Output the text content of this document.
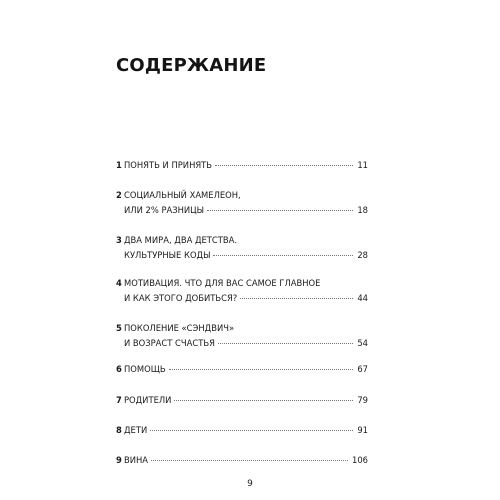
СОДЕРЖАНИЕ
1 ПОНЯТЬ И ПРИНЯТЬ	11
2 СОЦИАЛЬНЫЙ ХАМЕЛЕОН,
ИЛИ 2% РАЗНИЦЫ	18
3 ДВА МИРА, ДВА ДЕТСТВА.
КУЛЬТУРНЫЕ КОДЫ	28
4 МОТИВАЦИЯ. ЧТО ДЛЯ ВАС САМОЕ ГЛАВНОЕ
И КАК ЭТОГО ДОБИТЬСЯ?	44
5 ПОКОЛЕНИЕ «СЭНДВИЧ»
И ВОЗРАСТ СЧАСТЬЯ	54
6 ПОМОЩЬ	67
7 РОДИТЕЛИ	79
8 ДЕТИ	91
9 ВИНА	106
9
